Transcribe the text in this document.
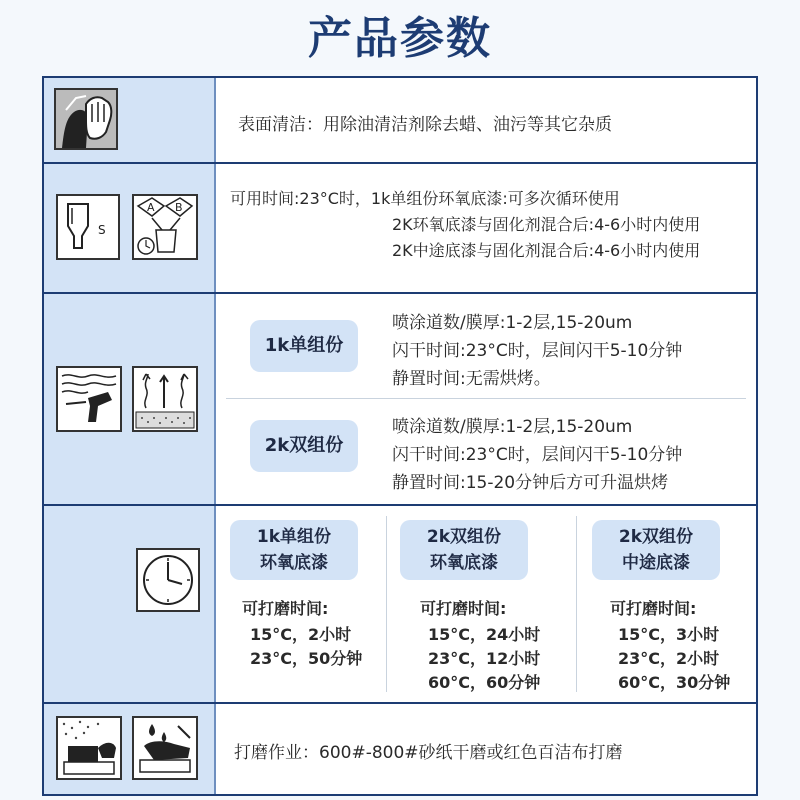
产品参数
表面清洁：用除油清洁剂除去蜡、油污等其它杂质
S
A B	可用时间:23°C时，1k单组份环氧底漆:可多次循环使用
2K环氧底漆与固化剂混合后:4-6小时内使用
2K中途底漆与固化剂混合后:4-6小时内使用
1k单组份
喷涂道数/膜厚:1-2层,15-20um
闪干时间:23°C时，层间闪干5-10分钟
静置时间:无需烘烤。
2k双组份
喷涂道数/膜厚:1-2层,15-20um
闪干时间:23°C时，层间闪干5-10分钟
静置时间:15-20分钟后方可升温烘烤
1k单组份
环氧底漆
可打磨时间:
15°C，2小时
23°C，50分钟
2k双组份
环氧底漆
可打磨时间:
15°C，24小时
23°C，12小时
60°C，60分钟
2k双组份
中途底漆
可打磨时间:
15°C，3小时
23°C，2小时
60°C，30分钟
打磨作业：600#-800#砂纸干磨或红色百洁布打磨
